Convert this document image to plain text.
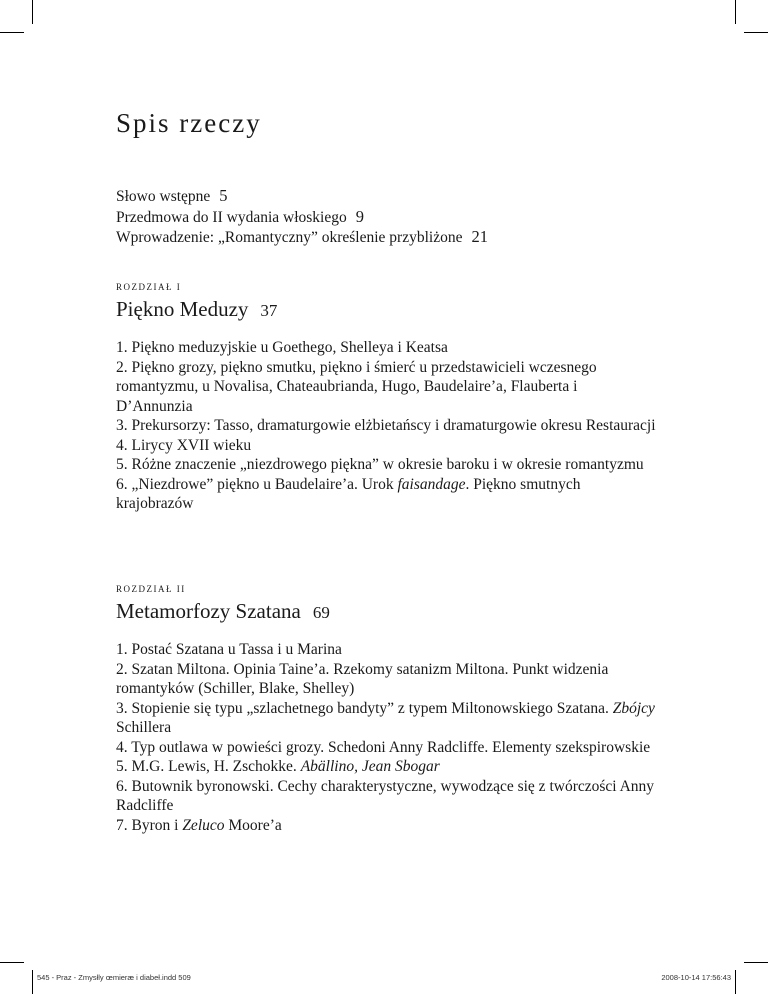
Spis rzeczy
Słowo wstępne 5
Przedmowa do II wydania włoskiego 9
Wprowadzenie: „Romantyczny” określenie przybliżone 21
ROZDZIAŁ I
Piękno Meduzy 37
1. Piękno meduzyjskie u Goethego, Shelleya i Keatsa
2. Piękno grozy, piękno smutku, piękno i śmierć u przedstawicieli wczesnego romantyzmu, u Novalisa, Chateaubrianda, Hugo, Baudelaire’a, Flauberta i D’Annunzia
3. Prekursorzy: Tasso, dramaturgowie elżbietańscy i dramaturgowie okresu Restauracji
4. Lirycy XVII wieku
5. Różne znaczenie „niezdrowego piękna” w okresie baroku i w okresie romantyzmu
6. „Niezdrowe” piękno u Baudelaire’a. Urok faisandage. Piękno smutnych krajobrazów
ROZDZIAŁ II
Metamorfozy Szatana 69
1. Postać Szatana u Tassa i u Marina
2. Szatan Miltona. Opinia Taine’a. Rzekomy satanizm Miltona. Punkt widzenia romantyków (Schiller, Blake, Shelley)
3. Stopienie się typu „szlachetnego bandyty” z typem Miltonowskiego Szatana. Zbójcy Schillera
4. Typ outlawa w powieści grozy. Schedoni Anny Radcliffe. Elementy szekspirowskie
5. M.G. Lewis, H. Zschokke. Abällino, Jean Sbogar
6. Butownik byronowski. Cechy charakterystyczne, wywodzące się z twórczości Anny Radcliffe
7. Byron i Zeluco Moore’a
545 - Praz - Zmysłly œmieræ i diabeł.indd 509	2008-10-14 17:56:43
